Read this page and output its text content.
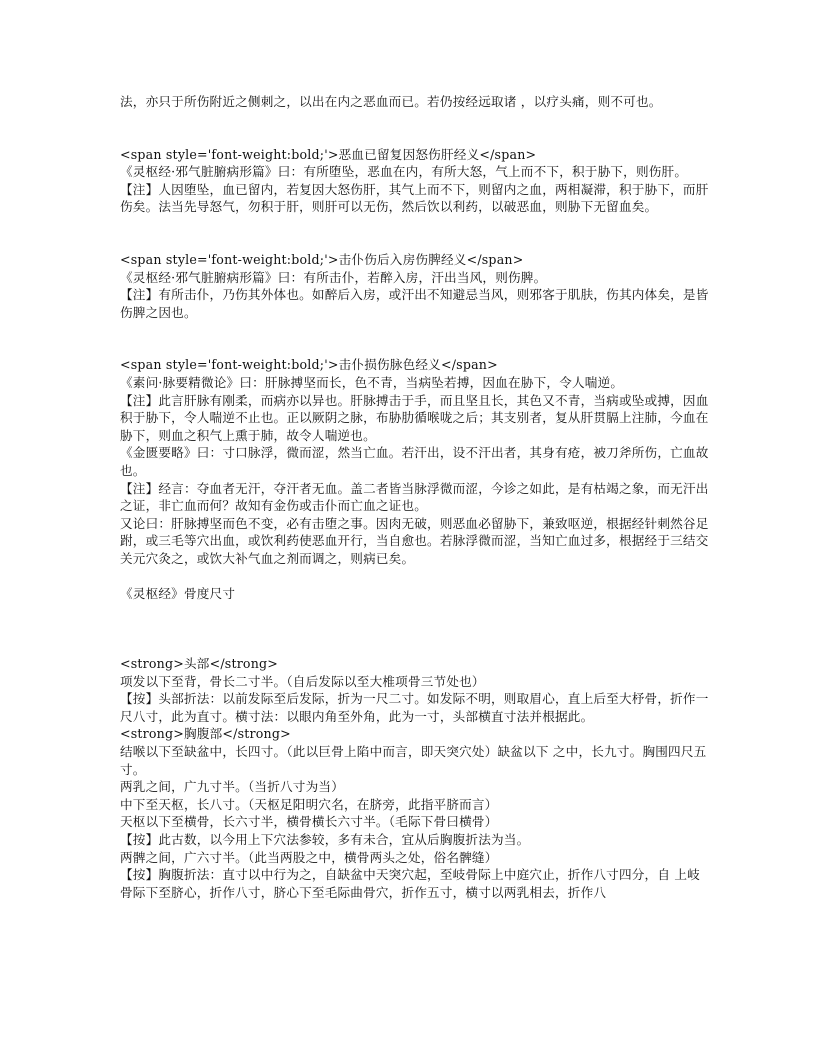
法，亦只于所伤附近之侧刺之，以出在内之恶血而已。若仍按经远取诸 ，以疗头痛，则不可也。

<span style='font-weight:bold;'>恶血已留复因怒伤肝经义</span>

《灵枢经·邪气脏腑病形篇》曰：有所堕坠，恶血在内，有所大怒，气上而不下，积于胁下，则伤肝。

【注】人因堕坠，血已留内，若复因大怒伤肝，其气上而不下，则留内之血，两相凝滞，积于胁下，而肝伤矣。法当先导怒气，勿积于肝，则肝可以无伤，然后饮以利药，以破恶血，则胁下无留血矣。

<span style='font-weight:bold;'>击仆伤后入房伤脾经义</span>

《灵枢经·邪气脏腑病形篇》曰：有所击仆，若醉入房，汗出当风，则伤脾。

【注】有所击仆，乃伤其外体也。如醉后入房，或汗出不知避忌当风，则邪客于肌肤，伤其内体矣，是皆伤脾之因也。

<span style='font-weight:bold;'>击仆损伤脉色经义</span>

《素问·脉要精微论》曰：肝脉搏坚而长，色不青，当病坠若搏，因血在胁下，令人喘逆。

【注】此言肝脉有刚柔，而病亦以异也。肝脉搏击于手，而且坚且长，其色又不青，当病或坠或搏，因血积于胁下，令人喘逆不止也。正以厥阴之脉，布胁肋循喉咙之后；其支别者，复从肝贯膈上注肺，今血在胁下，则血之积气上熏于肺，故令人喘逆也。

《金匮要略》曰：寸口脉浮，微而涩，然当亡血。若汗出，设不汗出者，其身有疮，被刀斧所伤，亡血故也。

【注】经言：夺血者无汗，夺汗者无血。盖二者皆当脉浮微而涩，今诊之如此，是有枯竭之象，而无汗出之证，非亡血而何？故知有金伤或击仆而亡血之证也。

又论曰：肝脉搏坚而色不变，必有击堕之事。因肉无破，则恶血必留胁下，兼致呕逆，根据经针刺然谷足跗，或三毛等穴出血，或饮利药使恶血开行，当自愈也。若脉浮微而涩，当知亡血过多，根据经于三结交关元穴灸之，或饮大补气血之剂而调之，则病已矣。

《灵枢经》骨度尺寸

<strong>头部</strong>

项发以下至背，骨长二寸半。（自后发际以至大椎项骨三节处也）

【按】头部折法：以前发际至后发际，折为一尺二寸。如发际不明，则取眉心，直上后至大杼骨，折作一尺八寸，此为直寸。横寸法：以眼内角至外角，此为一寸，头部横直寸法并根据此。

<strong>胸腹部</strong>

结喉以下至缺盆中，长四寸。（此以巨骨上陷中而言，即天突穴处）缺盆以下 之中，长九寸。胸围四尺五寸。

两乳之间，广九寸半。（当折八寸为当）

中下至天枢，长八寸。（天枢足阳明穴名，在脐旁，此指平脐而言）

天枢以下至横骨，长六寸半，横骨横长六寸半。（毛际下骨曰横骨）

【按】此古数，以今用上下穴法参较，多有未合，宜从后胸腹折法为当。

两髀之间，广六寸半。（此当两股之中，横骨两头之处，俗名髀缝）

【按】胸腹折法：直寸以中行为之，自缺盆中天突穴起，至岐骨际上中庭穴止，折作八寸四分，自 上岐骨际下至脐心，折作八寸，脐心下至毛际曲骨穴，折作五寸，横寸以两乳相去，折作八
